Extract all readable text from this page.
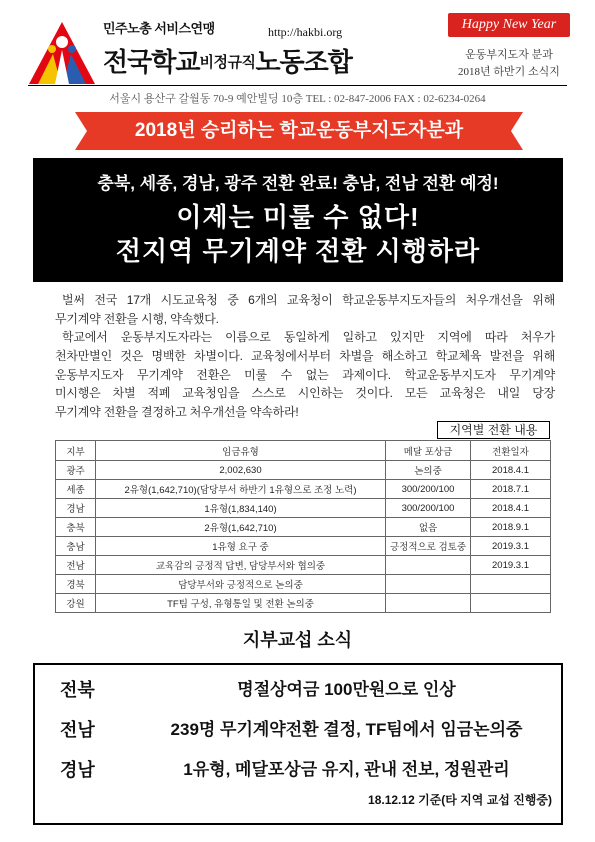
민주노총 서비스연맹	http://hakbi.org
전국학교비정규직노동조합
Happy New Year
운동부지도자 분과
2018년 하반기 소식지
서울시 용산구 갈월동 70-9 예안빌딩 10층 TEL : 02-847-2006 FAX : 02-6234-0264
2018년 승리하는 학교운동부지도자분과
충북, 세종, 경남, 광주 전환 완료! 충남, 전남 전환 예정!
이제는 미룰 수 없다!
전지역 무기계약 전환 시행하라
벌써 전국 17개 시도교육청 중 6개의 교육청이 학교운동부지도자들의 처우개선을 위해
무기계약 전환을 시행, 약속했다.
학교에서 운동부지도자라는 이름으로 동일하게 일하고 있지만 지역에 따라 처우가
천차만별인 것은 명백한 차별이다. 교육청에서부터 차별을 해소하고 학교체육 발전을 위해
운동부지도자 무기계약 전환은 미룰 수 없는 과제이다. 학교운동부지도자 무기계약
미시행은 차별 적폐 교육청임을 스스로 시인하는 것이다. 모든 교육청은 내일 당장
무기계약 전환을 결정하고 처우개선을 약속하라!
지역별 전환 내용
지부	임금유형	메달 포상금	전환일자
광주	2,002,630	논의중	2018.4.1
세종	2유형(1,642,710)(담당부서 하반기 1유형으로 조정 노력)	300/200/100	2018.7.1
경남	1유형(1,834,140)	300/200/100	2018.4.1
충북	2유형(1,642,710)	없음	2018.9.1
충남	1유형 요구 중	긍정적으로 검토중	2019.3.1
전남	교육감의 긍정적 답변, 담당부서와 협의중		2019.3.1
경북	담당부서와 긍정적으로 논의중		
강원	TF팀 구성, 유형통일 및 전환 논의중		
지부교섭 소식
전북	명절상여금 100만원으로 인상
전남	239명 무기계약전환 결정, TF팀에서 임금논의중
경남	1유형, 메달포상금 유지, 관내 전보, 정원관리
18.12.12 기준(타 지역 교섭 진행중)
